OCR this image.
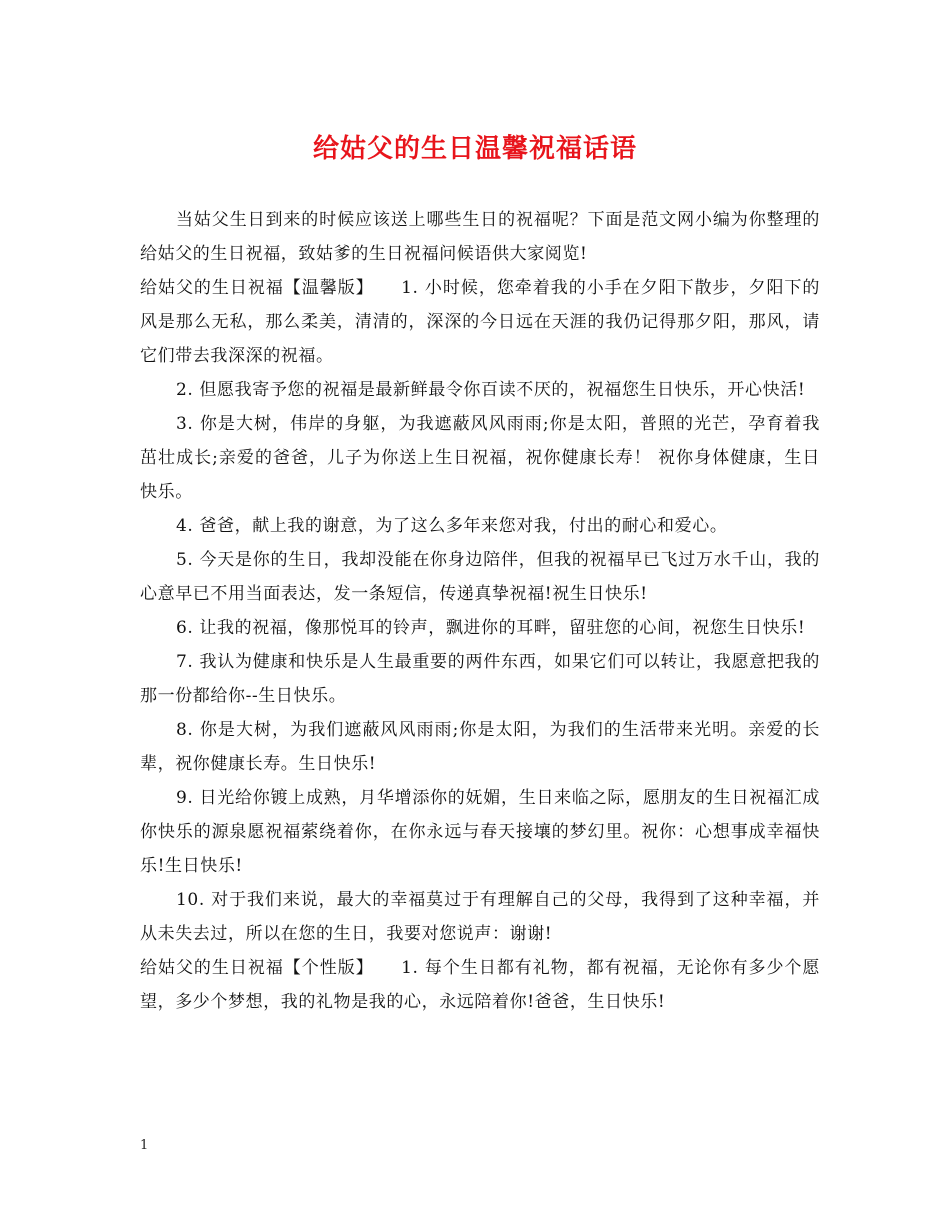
给姑父的生日温馨祝福话语

当姑父生日到来的时候应该送上哪些生日的祝福呢？下面是范文网小编为你整理的给姑父的生日祝福，致姑爹的生日祝福问候语供大家阅览!

给姑父的生日祝福【温馨版】　　1. 小时候，您牵着我的小手在夕阳下散步，夕阳下的风是那么无私，那么柔美，清清的，深深的今日远在天涯的我仍记得那夕阳，那风，请它们带去我深深的祝福。

2. 但愿我寄予您的祝福是最新鲜最令你百读不厌的，祝福您生日快乐，开心快活!

3. 你是大树，伟岸的身躯，为我遮蔽风风雨雨;你是太阳，普照的光芒，孕育着我茁壮成长;亲爱的爸爸，儿子为你送上生日祝福，祝你健康长寿！ 祝你身体健康，生日快乐。

4. 爸爸，献上我的谢意，为了这么多年来您对我，付出的耐心和爱心。

5. 今天是你的生日，我却没能在你身边陪伴，但我的祝福早已飞过万水千山，我的心意早已不用当面表达，发一条短信，传递真挚祝福!祝生日快乐!

6. 让我的祝福，像那悦耳的铃声，飘进你的耳畔，留驻您的心间，祝您生日快乐!

7. 我认为健康和快乐是人生最重要的两件东西，如果它们可以转让，我愿意把我的那一份都给你--生日快乐。

8. 你是大树，为我们遮蔽风风雨雨;你是太阳，为我们的生活带来光明。亲爱的长辈，祝你健康长寿。生日快乐!

9. 日光给你镀上成熟，月华增添你的妩媚，生日来临之际，愿朋友的生日祝福汇成你快乐的源泉愿祝福萦绕着你，在你永远与春天接壤的梦幻里。祝你：心想事成幸福快乐!生日快乐!

10. 对于我们来说，最大的幸福莫过于有理解自己的父母，我得到了这种幸福，并从未失去过，所以在您的生日，我要对您说声：谢谢!

给姑父的生日祝福【个性版】　　1. 每个生日都有礼物，都有祝福，无论你有多少个愿望，多少个梦想，我的礼物是我的心，永远陪着你!爸爸，生日快乐!

1
